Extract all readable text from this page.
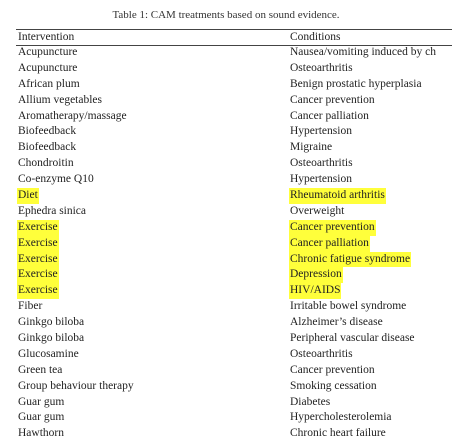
Table 1: CAM treatments based on sound evidence.
Intervention	Conditions
Acupuncture	Nausea/vomiting induced by ch
Acupuncture	Osteoarthritis
African plum	Benign prostatic hyperplasia
Allium vegetables	Cancer prevention
Aromatherapy/massage	Cancer palliation
Biofeedback	Hypertension
Biofeedback	Migraine
Chondroitin	Osteoarthritis
Co-enzyme Q10	Hypertension
Diet	Rheumatoid arthritis
Ephedra sinica	Overweight
Exercise	Cancer prevention
Exercise	Cancer palliation
Exercise	Chronic fatigue syndrome
Exercise	Depression
Exercise	HIV/AIDS
Fiber	Irritable bowel syndrome
Ginkgo biloba	Alzheimer’s disease
Ginkgo biloba	Peripheral vascular disease
Glucosamine	Osteoarthritis
Green tea	Cancer prevention
Group behaviour therapy	Smoking cessation
Guar gum	Diabetes
Guar gum	Hypercholesterolemia
Hawthorn	Chronic heart failure
